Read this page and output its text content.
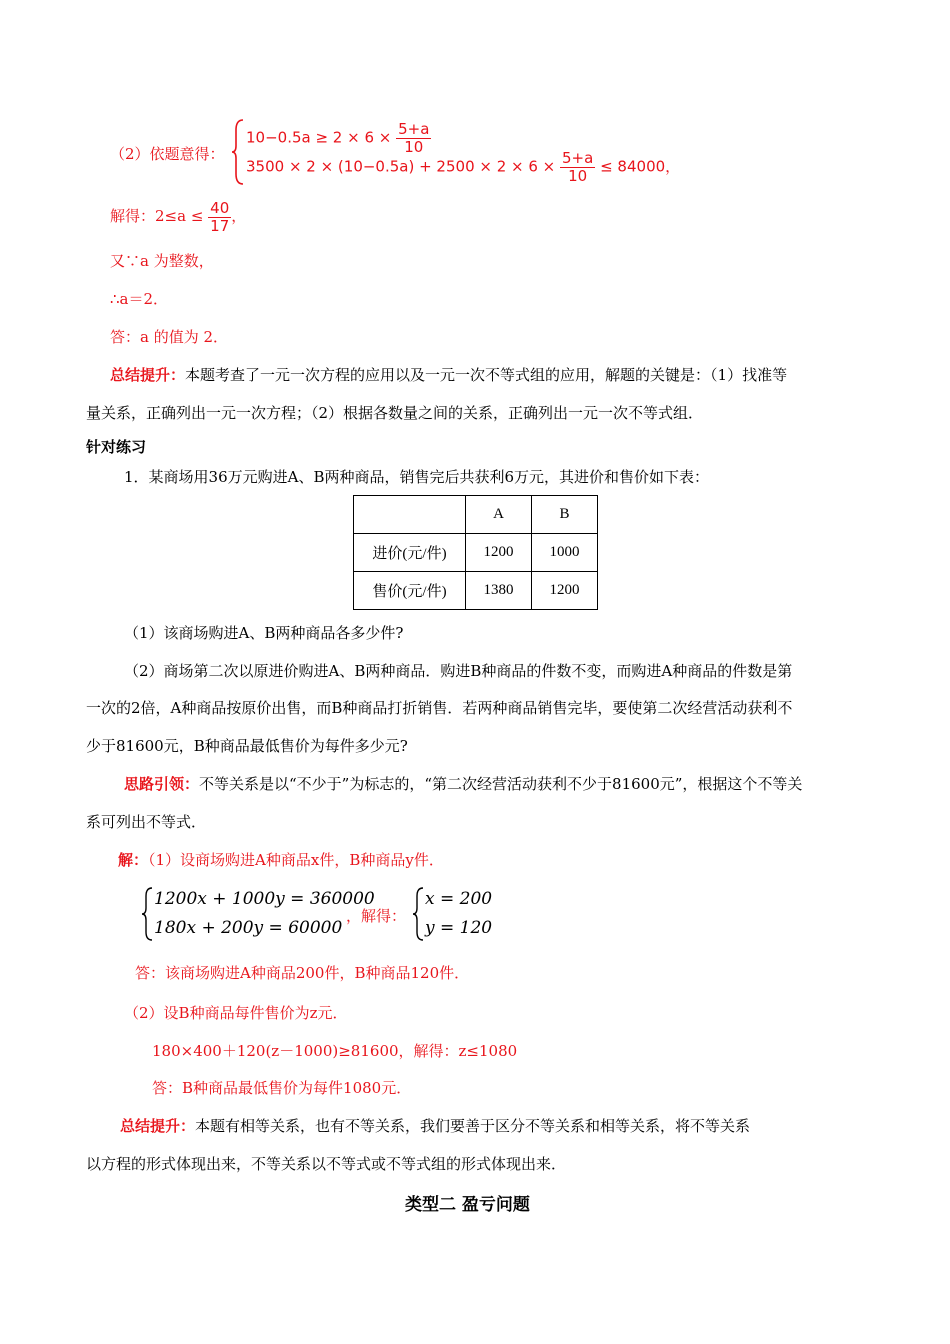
（2）依题意得：
$10-0.5a \ge 2 \times 6 \times \frac{5+a}{10}$
$3500 \times 2 \times (10-0.5a) + 2500 \times 2 \times 6 \times \frac{5+a}{10} \le 84000$，
解得：$2\le a \le \frac{40}{17}$ ，
又∵a 为整数，
∴a＝2．
答：a 的值为 2．
总结提升：本题考查了一元一次方程的应用以及一元一次不等式组的应用，解题的关键是：（1）找准等
量关系，正确列出一元一次方程；（2）根据各数量之间的关系，正确列出一元一次不等式组．
针对练习
1．某商场用36万元购进A、B两种商品，销售完后共获利6万元，其进价和售价如下表：
	A	B
进价(元/件)	1200	1000
售价(元/件)	1380	1200
（1）该商场购进A、B两种商品各多少件?
（2）商场第二次以原进价购进A、B两种商品．购进B种商品的件数不变，而购进A种商品的件数是第
一次的2倍，A种商品按原价出售，而B种商品打折销售．若两种商品销售完毕，要使第二次经营活动获利不
少于81600元，B种商品最低售价为每件多少元?
思路引领：不等关系是以“不少于”为标志的，“第二次经营活动获利不少于81600元”，根据这个不等关
系可列出不等式．
解：（1）设商场购进A种商品x件，B种商品y件．
1200x + 1000y = 360000
180x + 200y = 60000
，解得：
x = 200
y = 120
答：该商场购进A种商品200件，B种商品120件．
（2）设B种商品每件售价为z元．
180×400＋120(z－1000)≥81600，解得：z≤1080
答：B种商品最低售价为每件1080元．
总结提升：本题有相等关系，也有不等关系，我们要善于区分不等关系和相等关系，将不等关系
以方程的形式体现出来，不等关系以不等式或不等式组的形式体现出来．
类型二 盈亏问题
